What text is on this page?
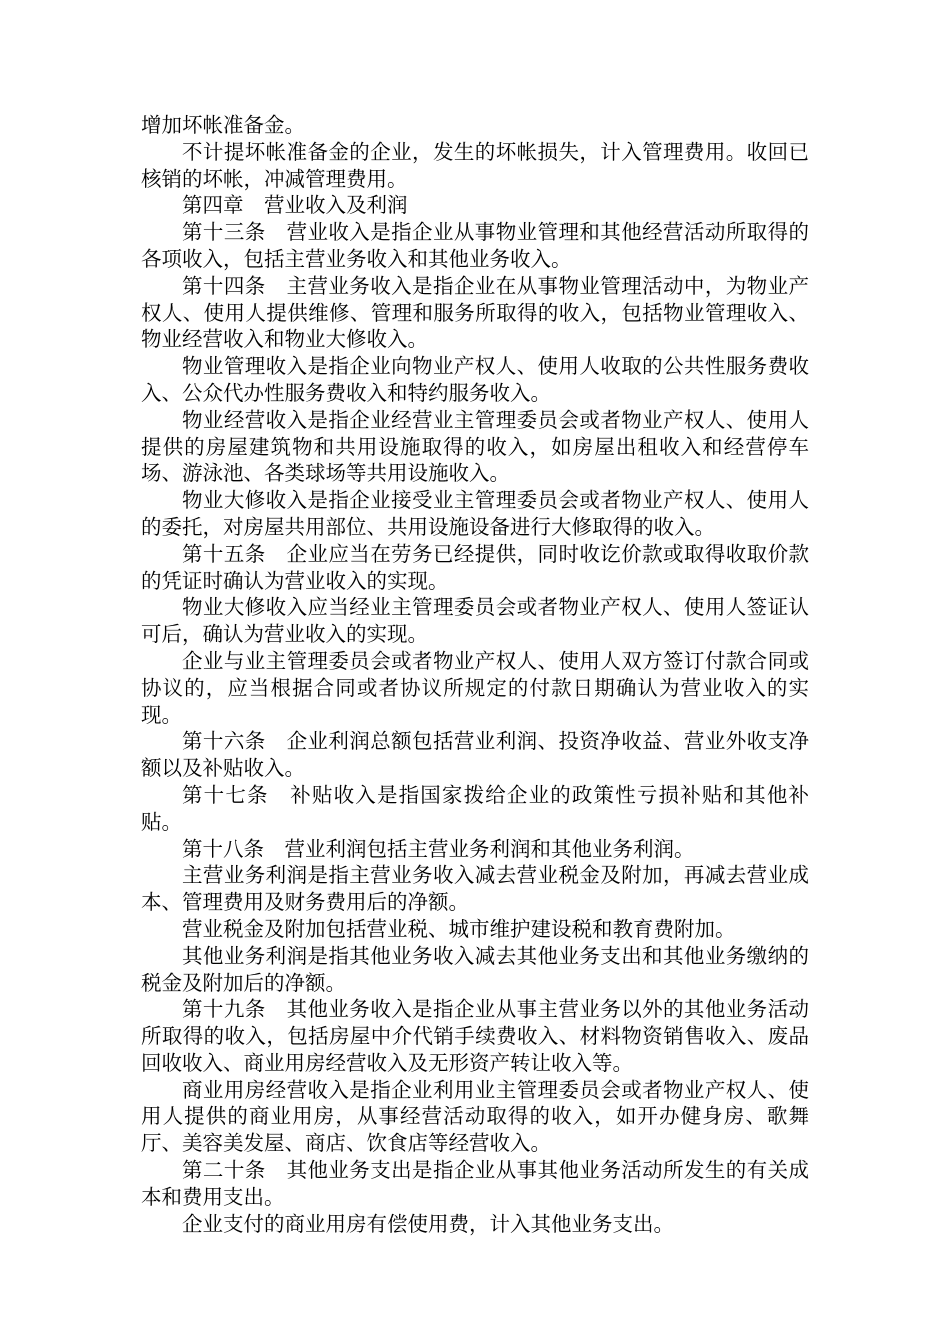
增加坏帐准备金。

不计提坏帐准备金的企业，发生的坏帐损失，计入管理费用。收回已核销的坏帐，冲减管理费用。

第四章　营业收入及利润

第十三条　营业收入是指企业从事物业管理和其他经营活动所取得的各项收入，包括主营业务收入和其他业务收入。

第十四条　主营业务收入是指企业在从事物业管理活动中，为物业产权人、使用人提供维修、管理和服务所取得的收入，包括物业管理收入、物业经营收入和物业大修收入。

物业管理收入是指企业向物业产权人、使用人收取的公共性服务费收入、公众代办性服务费收入和特约服务收入。

物业经营收入是指企业经营业主管理委员会或者物业产权人、使用人提供的房屋建筑物和共用设施取得的收入，如房屋出租收入和经营停车场、游泳池、各类球场等共用设施收入。

物业大修收入是指企业接受业主管理委员会或者物业产权人、使用人的委托，对房屋共用部位、共用设施设备进行大修取得的收入。

第十五条　企业应当在劳务已经提供，同时收讫价款或取得收取价款的凭证时确认为营业收入的实现。

物业大修收入应当经业主管理委员会或者物业产权人、使用人签证认可后，确认为营业收入的实现。

企业与业主管理委员会或者物业产权人、使用人双方签订付款合同或协议的，应当根据合同或者协议所规定的付款日期确认为营业收入的实现。

第十六条　企业利润总额包括营业利润、投资净收益、营业外收支净额以及补贴收入。

第十七条　补贴收入是指国家拨给企业的政策性亏损补贴和其他补贴。

第十八条　营业利润包括主营业务利润和其他业务利润。

主营业务利润是指主营业务收入减去营业税金及附加，再减去营业成本、管理费用及财务费用后的净额。

营业税金及附加包括营业税、城市维护建设税和教育费附加。

其他业务利润是指其他业务收入减去其他业务支出和其他业务缴纳的税金及附加后的净额。

第十九条　其他业务收入是指企业从事主营业务以外的其他业务活动所取得的收入，包括房屋中介代销手续费收入、材料物资销售收入、废品回收收入、商业用房经营收入及无形资产转让收入等。

商业用房经营收入是指企业利用业主管理委员会或者物业产权人、使用人提供的商业用房，从事经营活动取得的收入，如开办健身房、歌舞厅、美容美发屋、商店、饮食店等经营收入。

第二十条　其他业务支出是指企业从事其他业务活动所发生的有关成本和费用支出。

企业支付的商业用房有偿使用费，计入其他业务支出。
